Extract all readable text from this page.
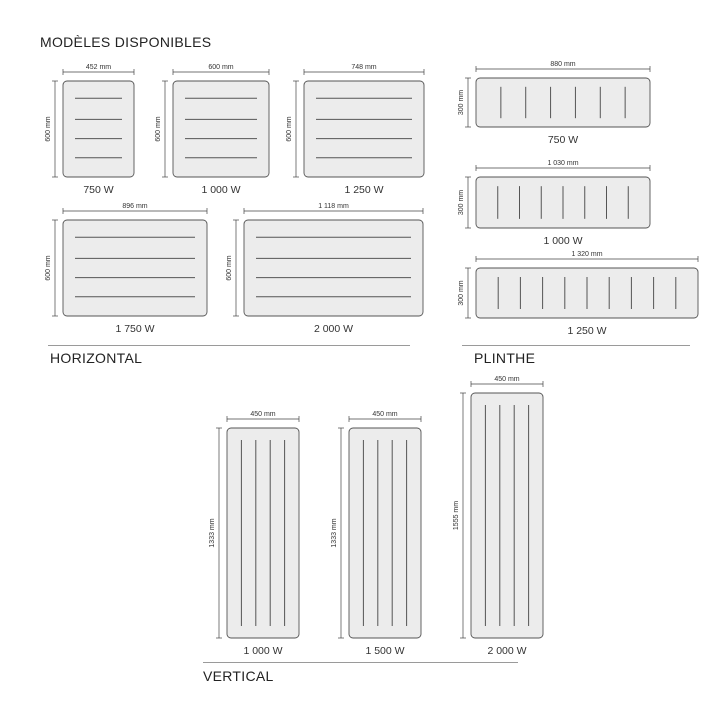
MODÈLES DISPONIBLES
HORIZONTAL	PLINTHE
VERTICAL
452 mm
600 mm
750 W
600 mm
600 mm
1 000 W
748 mm
600 mm
1 250 W
896 mm
600 mm
1 750 W
1 118 mm
600 mm
2 000 W
880 mm
300 mm
750 W
1 030 mm
300 mm
1 000 W
1 320 mm
300 mm
1 250 W
450 mm
1333 mm
1 000 W
450 mm
1333 mm
1 500 W
450 mm
1555 mm
2 000 W
